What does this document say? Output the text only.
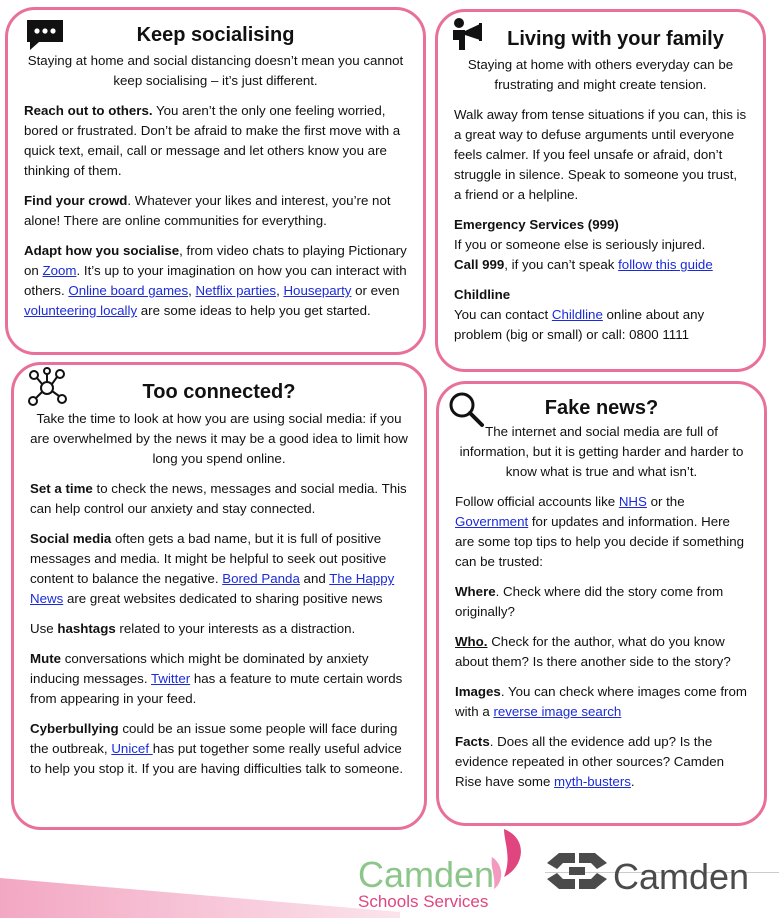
Keep socialising

Staying at home and social distancing doesn’t mean you cannot keep socialising – it’s just different.

Reach out to others. You aren’t the only one feeling worried, bored or frustrated. Don’t be afraid to make the first move with a quick text, email, call or message and let others know you are thinking of them.

Find your crowd. Whatever your likes and interest, you’re not alone! There are online communities for everything.

Adapt how you socialise, from video chats to playing Pictionary on Zoom. It’s up to your imagination on how you can interact with others. Online board games, Netflix parties, Houseparty or even volunteering locally are some ideas to help you get started.

Living with your family

Staying at home with others everyday can be frustrating and might create tension.

Walk away from tense situations if you can, this is a great way to defuse arguments until everyone feels calmer. If you feel unsafe or afraid, don’t struggle in silence. Speak to someone you trust, a friend or a helpline.

Emergency Services (999)

If you or someone else is seriously injured.
Call 999, if you can’t speak follow this guide

Childline

You can contact Childline online about any problem (big or small) or call: 0800 1111

Too connected?

Take the time to look at how you are using social media: if you are overwhelmed by the news it may be a good idea to limit how long you spend online.

Set a time to check the news, messages and social media. This can help control our anxiety and stay connected.

Social media often gets a bad name, but it is full of positive messages and media. It might be helpful to seek out positive content to balance the negative. Bored Panda and The Happy News are great websites dedicated to sharing positive news

Use hashtags related to your interests as a distraction.

Mute conversations which might be dominated by anxiety inducing messages. Twitter has a feature to mute certain words from appearing in your feed.

Cyberbullying could be an issue some people will face during the outbreak, Unicef has put together some really useful advice to help you stop it. If you are having difficulties talk to someone.

Fake news?

The internet and social media are full of information, but it is getting harder and harder to know what is true and what isn’t.

Follow official accounts like NHS or the Government for updates and information. Here are some top tips to help you decide if something can be trusted:

Where. Check where did the story come from originally?

Who. Check for the author, what do you know about them? Is there another side to the story?

Images. You can check where images come from with a reverse image search

Facts. Does all the evidence add up? Is the evidence repeated in other sources? Camden Rise have some myth-busters.

Camden
Schools Services
Camden
